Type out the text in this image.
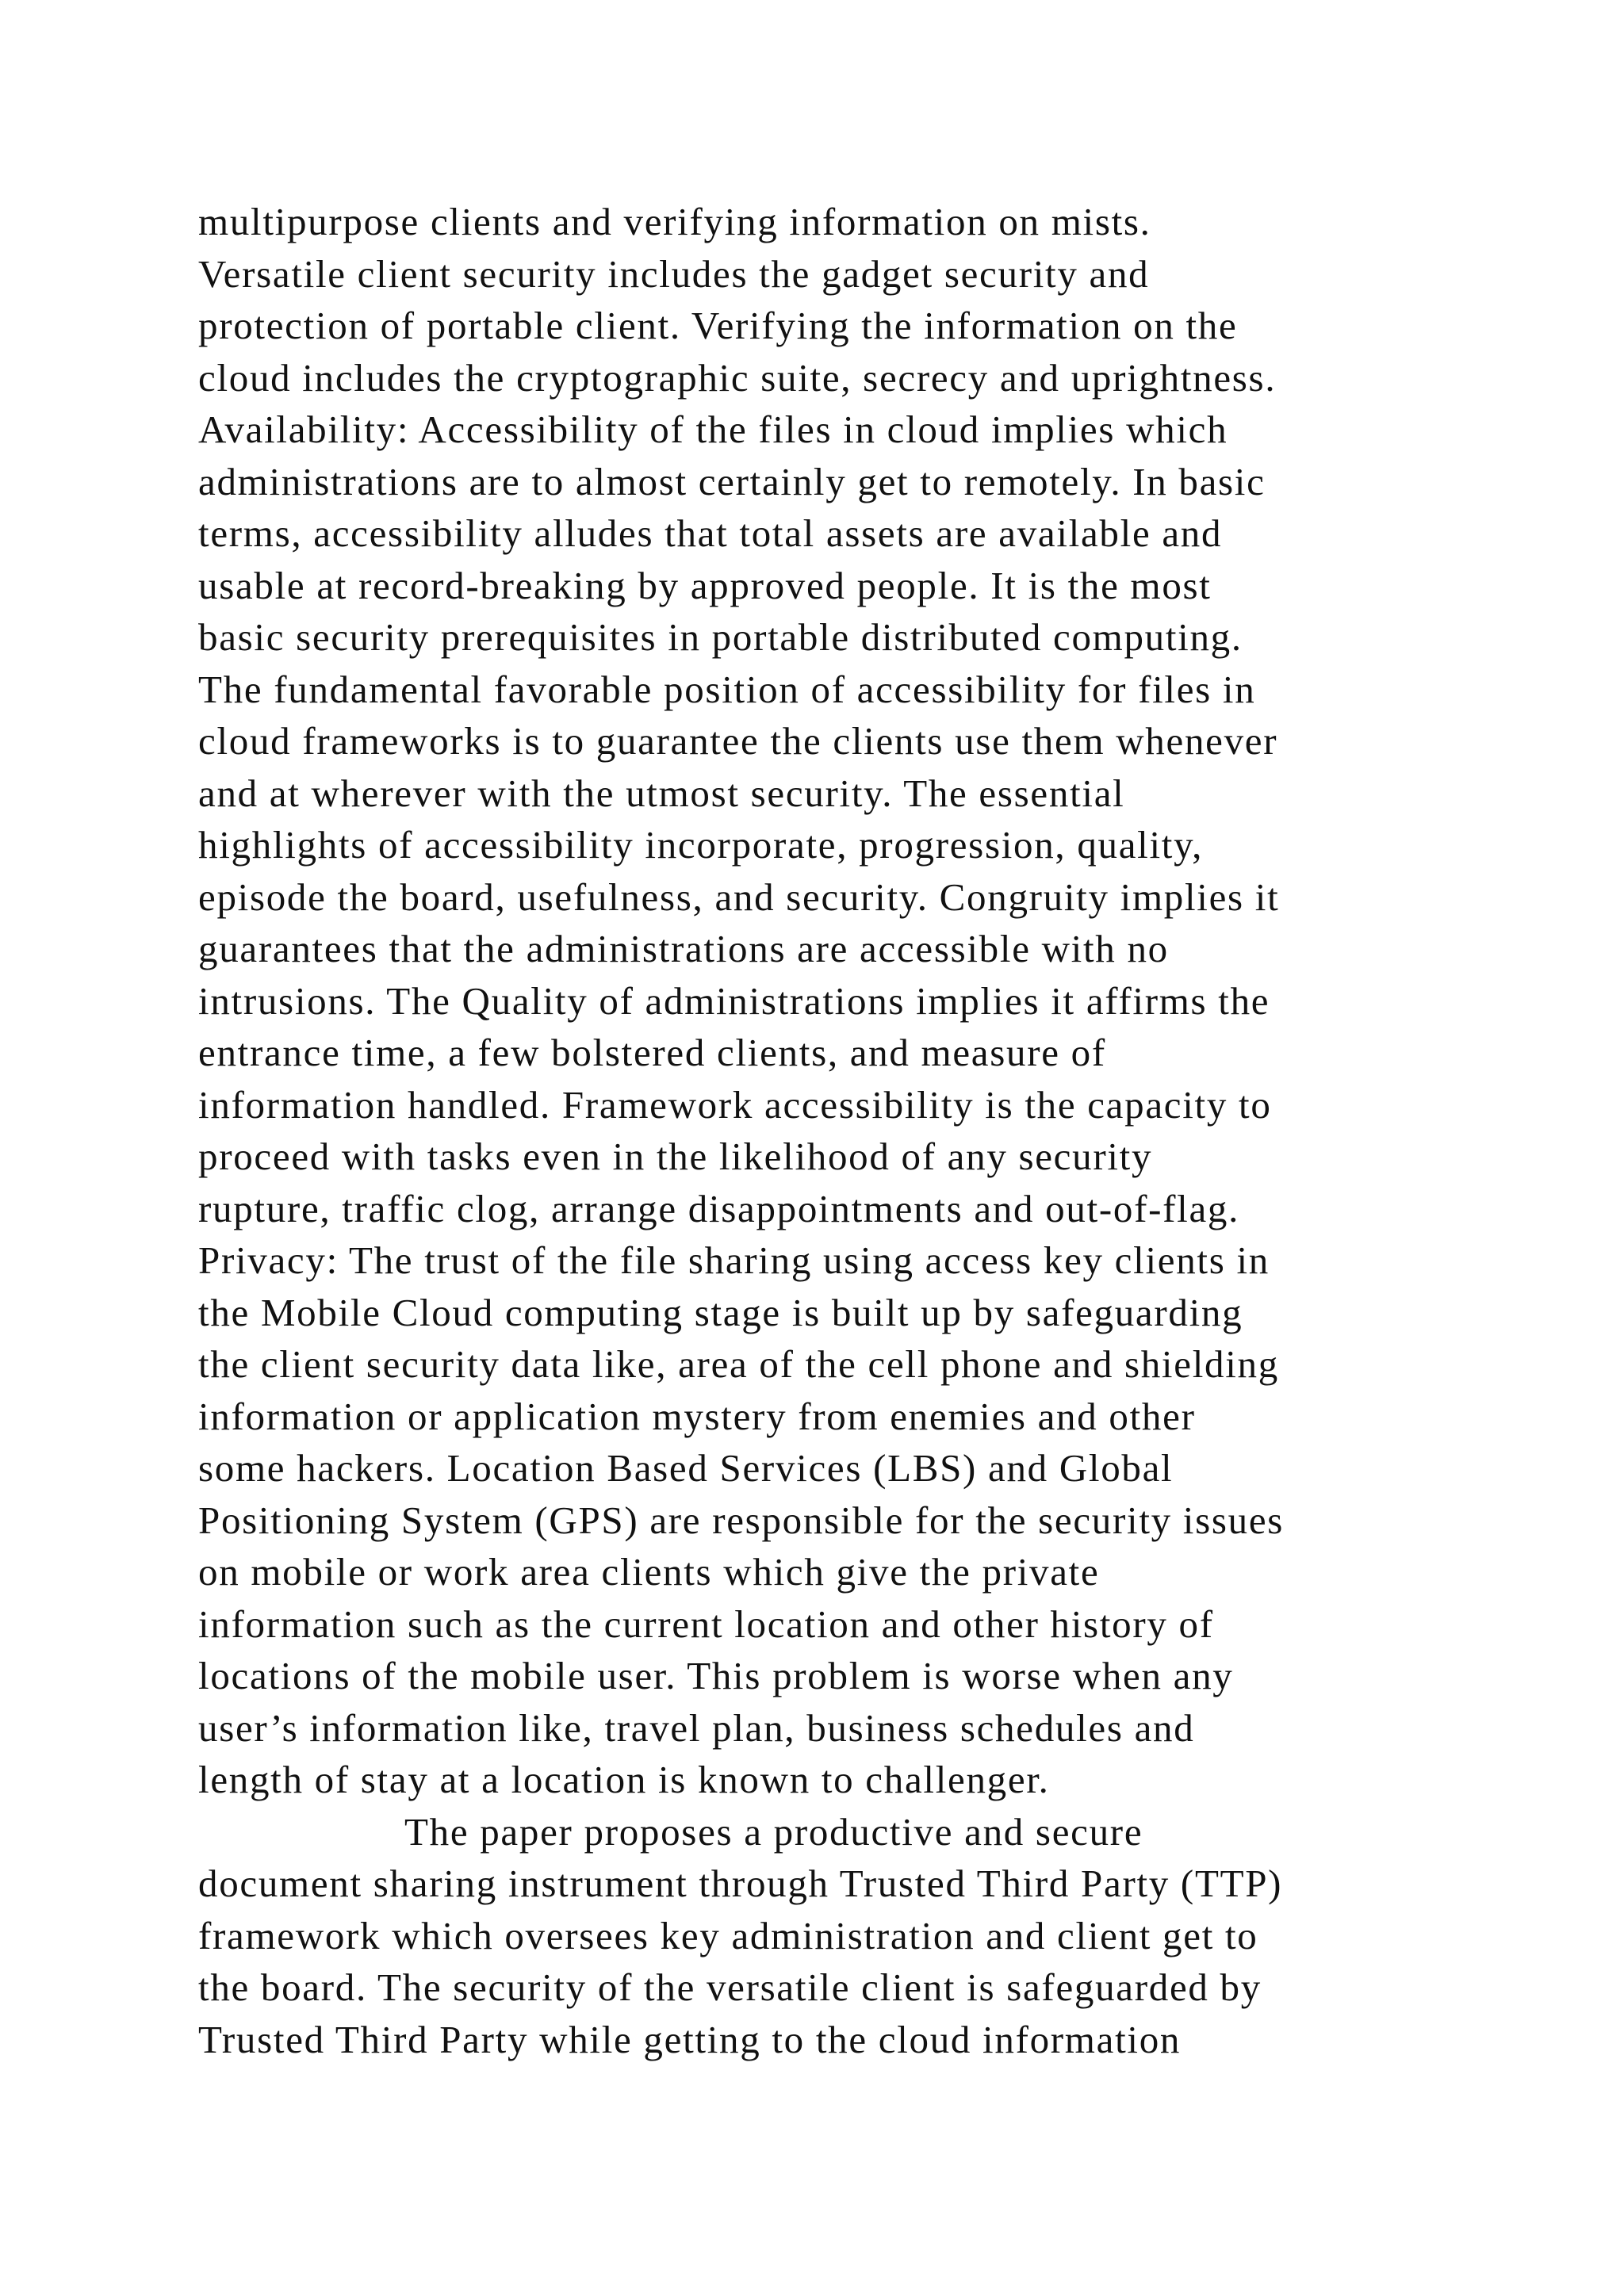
multipurpose clients and verifying information on mists.
Versatile client security includes the gadget security and
protection of portable client. Verifying the information on the
cloud includes the cryptographic suite, secrecy and uprightness.
Availability: Accessibility of the files in cloud implies which
administrations are to almost certainly get to remotely. In basic
terms, accessibility alludes that total assets are available and
usable at record-breaking by approved people. It is the most
basic security prerequisites in portable distributed computing.
The fundamental favorable position of accessibility for files in
cloud frameworks is to guarantee the clients use them whenever
and at wherever with the utmost security. The essential
highlights of accessibility incorporate, progression, quality,
episode the board, usefulness, and security. Congruity implies it
guarantees that the administrations are accessible with no
intrusions. The Quality of administrations implies it affirms the
entrance time, a few bolstered clients, and measure of
information handled. Framework accessibility is the capacity to
proceed with tasks even in the likelihood of any security
rupture, traffic clog, arrange disappointments and out-of-flag.
Privacy: The trust of the file sharing using access key clients in
the Mobile Cloud computing stage is built up by safeguarding
the client security data like, area of the cell phone and shielding
information or application mystery from enemies and other
some hackers. Location Based Services (LBS) and Global
Positioning System (GPS) are responsible for the security issues
on mobile or work area clients which give the private
information such as the current location and other history of
locations of the mobile user. This problem is worse when any
user’s information like, travel plan, business schedules and
length of stay at a location is known to challenger.
The paper proposes a productive and secure
document sharing instrument through Trusted Third Party (TTP)
framework which oversees key administration and client get to
the board. The security of the versatile client is safeguarded by
Trusted Third Party while getting to the cloud information
